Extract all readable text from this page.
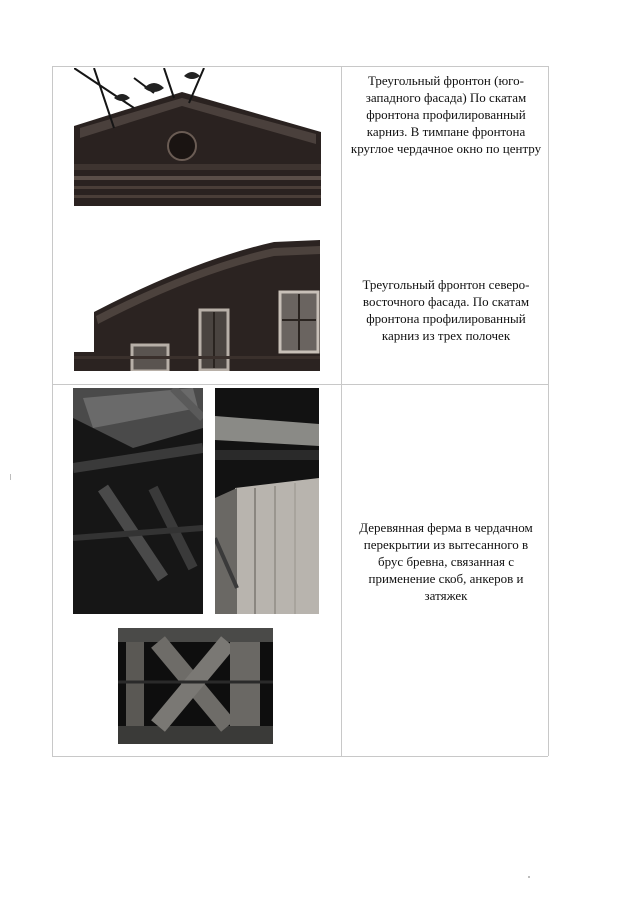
Треугольный фронтон (юго-
западного фасада) По скатам
фронтона профилированный
карниз. В тимпане фронтона
круглое чердачное окно по центру
Треугольный фронтон северо-
восточного фасада. По скатам
фронтона профилированный
карниз из трех полочек
Деревянная ферма в чердачном
перекрытии из вытесанного в
брус бревна, связанная с
применение скоб, анкеров и
затяжек
